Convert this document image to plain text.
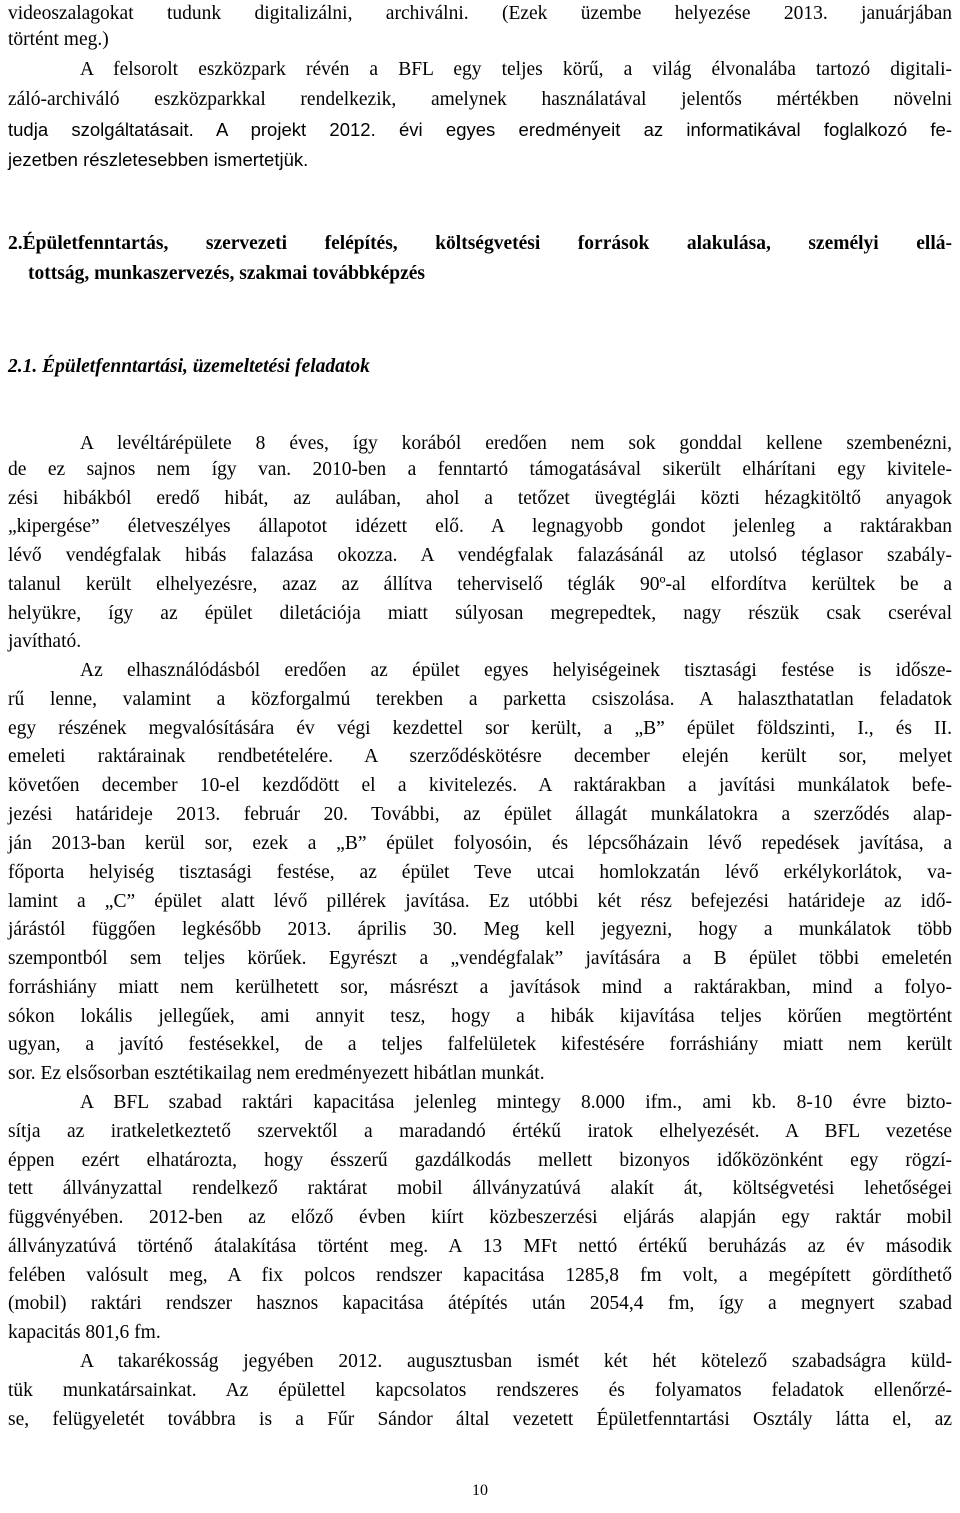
videoszalagokat tudunk digitalizálni, archiválni. (Ezek üzembe helyezése 2013. januárjában
történt meg.)
A felsorolt eszközpark révén a BFL egy teljes körű, a világ élvonalába tartozó digitali-
záló-archiváló eszközparkkal rendelkezik, amelynek használatával jelentős mértékben növelni
tudja szolgáltatásait. A projekt 2012. évi egyes eredményeit az informatikával foglalkozó fe-
jezetben részletesebben ismertetjük.
2.Épületfenntartás, szervezeti felépítés, költségvetési források alakulása, személyi ellá-
tottság, munkaszervezés, szakmai továbbképzés
2.1. Épületfenntartási, üzemeltetési feladatok
A levéltárépülete 8 éves, így korából eredően nem sok gonddal kellene szembenézni,
de ez sajnos nem így van. 2010-ben a fenntartó támogatásával sikerült elhárítani egy kivitele-
zési hibákból eredő hibát, az aulában, ahol a tetőzet üvegtéglái közti hézagkitöltő anyagok
„kipergése” életveszélyes állapotot idézett elő. A legnagyobb gondot jelenleg a raktárakban
lévő vendégfalak hibás falazása okozza. A vendégfalak falazásánál az utolsó téglasor szabály-
talanul került elhelyezésre, azaz az állítva teherviselő téglák 90º-al elfordítva kerültek be a
helyükre, így az épület diletációja miatt súlyosan megrepedtek, nagy részük csak cseréval
javítható.
Az elhasználódásból eredően az épület egyes helyiségeinek tisztasági festése is időszе-
rű lenne, valamint a közforgalmú terekben a parketta csiszolása. A halaszthatatlan feladatok
egy részének megvalósítására év végi kezdettel sor került, a „B” épület földszinti, I., és II.
emeleti raktárainak rendbetételére. A szerződéskötésre december elején került sor, melyet
követően december 10-el kezdődött el a kivitelezés. A raktárakban a javítási munkálatok befe-
jezési határideje 2013. február 20. További, az épület állagát munkálatokra a szerződés alap-
ján 2013-ban kerül sor, ezek a „B” épület folyosóin, és lépcsőházain lévő repedések javítása, a
főporta helyiség tisztasági festése, az épület Teve utcai homlokzatán lévő erkélykorlátok, va-
lamint a „C” épület alatt lévő pillérek javítása. Ez utóbbi két rész befejezési határideje az idő-
járástól függően legkésőbb 2013. április 30. Meg kell jegyezni, hogy a munkálatok több
szempontból sem teljes körűek. Egyrészt a „vendégfalak” javítására a B épület többi emeletén
forráshiány miatt nem kerülhetett sor, másrészt a javítások mind a raktárakban, mind a folyo-
sókon lokális jellegűek, ami annyit tesz, hogy a hibák kijavítása teljes körűen megtörtént
ugyan, a javító festésekkel, de a teljes falfelületek kifestésére forráshiány miatt nem került
sor. Ez elsősorban esztétikailag nem eredményezett hibátlan munkát.
A BFL szabad raktári kapacitása jelenleg mintegy 8.000 ifm., ami kb. 8-10 évre bizto-
sítja az iratkeletkeztető szervektől a maradandó értékű iratok elhelyezését. A BFL vezetése
éppen ezért elhatározta, hogy ésszerű gazdálkodás mellett bizonyos időközönként egy rögzí-
tett állványzattal rendelkező raktárat mobil állványzatúvá alakít át, költségvetési lehetőségei
függvényében. 2012-ben az előző évben kiírt közbeszerzési eljárás alapján egy raktár mobil
állványzatúvá történő átalakítása történt meg. A 13 MFt nettó értékű beruházás az év második
felében valósult meg, A fix polcos rendszer kapacitása 1285,8 fm volt, a megépített gördíthető
(mobil) raktári rendszer hasznos kapacitása átépítés után 2054,4 fm, így a megnyert szabad
kapacitás 801,6 fm.
A takarékosság jegyében 2012. augusztusban ismét két hét kötelező szabadságra küld-
tük munkatársainkat. Az épülettel kapcsolatos rendszeres és folyamatos feladatok ellenőrzé-
se, felügyeletét továbbra is a Fűr Sándor által vezetett Épületfenntartási Osztály látta el, az
10
